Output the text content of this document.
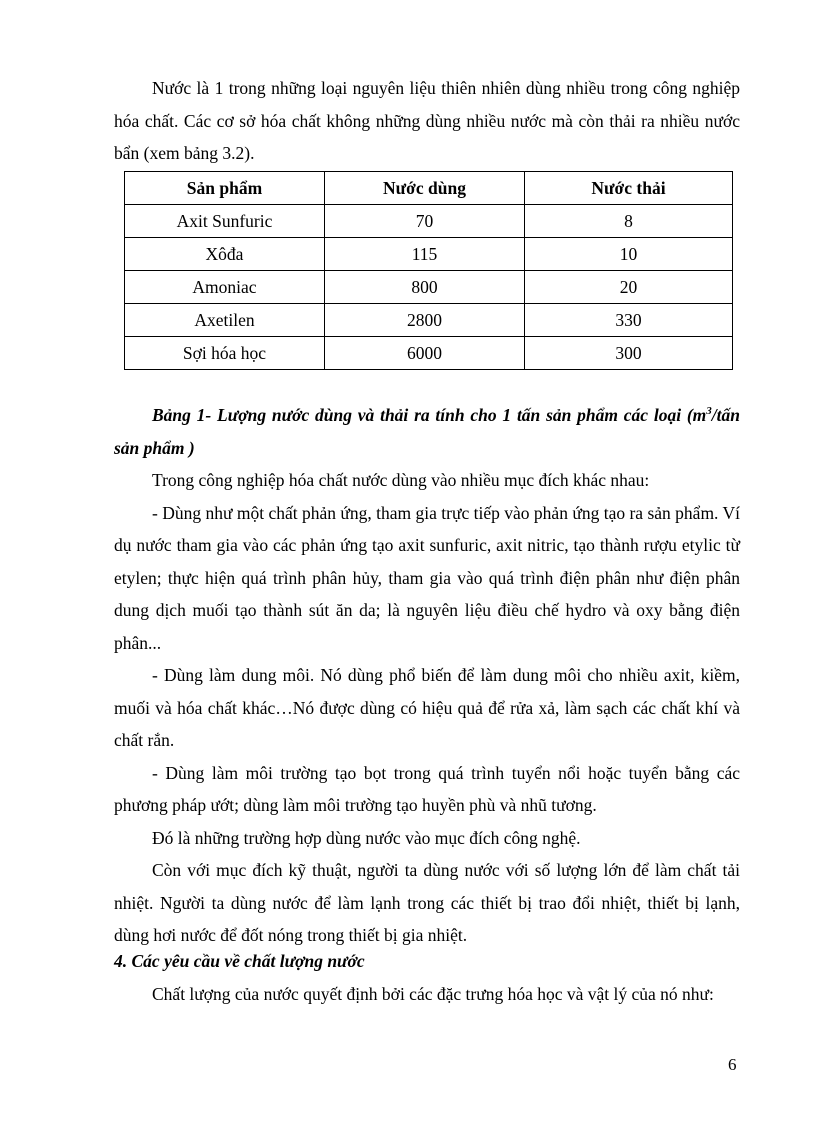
Nước là 1 trong những loại nguyên liệu thiên nhiên dùng nhiều trong công nghiệp hóa chất. Các cơ sở hóa chất không những dùng nhiều nước mà còn thải ra nhiều nước bẩn (xem bảng 3.2).

Sản phẩm	Nước dùng	Nước thải
Axit Sunfuric	70	8
Xôđa	115	10
Amoniac	800	20
Axetilen	2800	330
Sợi hóa học	6000	300

Bảng 1- Lượng nước dùng và thải ra tính cho 1 tấn sản phẩm các loại ($m^3$/tấn sản phẩm )

Trong công nghiệp hóa chất nước dùng vào nhiều mục đích khác nhau:

- Dùng như một chất phản ứng, tham gia trực tiếp vào phản ứng tạo ra sản phẩm. Ví dụ nước tham gia vào các phản ứng tạo axit sunfuric, axit nitric, tạo thành rượu etylic từ etylen; thực hiện quá trình phân hủy, tham gia vào quá trình điện phân như điện phân dung dịch muối tạo thành sút ăn da; là nguyên liệu điều chế hydro và oxy bằng điện phân...

- Dùng làm dung môi. Nó dùng phổ biến để làm dung môi cho nhiều axit, kiềm, muối và hóa chất khác…Nó được dùng có hiệu quả để rửa xả, làm sạch các chất khí và chất rắn.

- Dùng làm môi trường tạo bọt trong quá trình tuyển nổi hoặc tuyển bằng các phương pháp ướt; dùng làm môi trường tạo huyền phù và nhũ tương.

Đó là những trường hợp dùng nước vào mục đích công nghệ.

Còn với mục đích kỹ thuật, người ta dùng nước với số lượng lớn để làm chất tải nhiệt. Người ta dùng nước để làm lạnh trong các thiết bị trao đổi nhiệt, thiết bị lạnh, dùng hơi nước để đốt nóng trong thiết bị gia nhiệt.

4. Các yêu cầu về chất lượng nước

Chất lượng của nước quyết định bởi các đặc trưng hóa học và vật lý của nó như:

6
